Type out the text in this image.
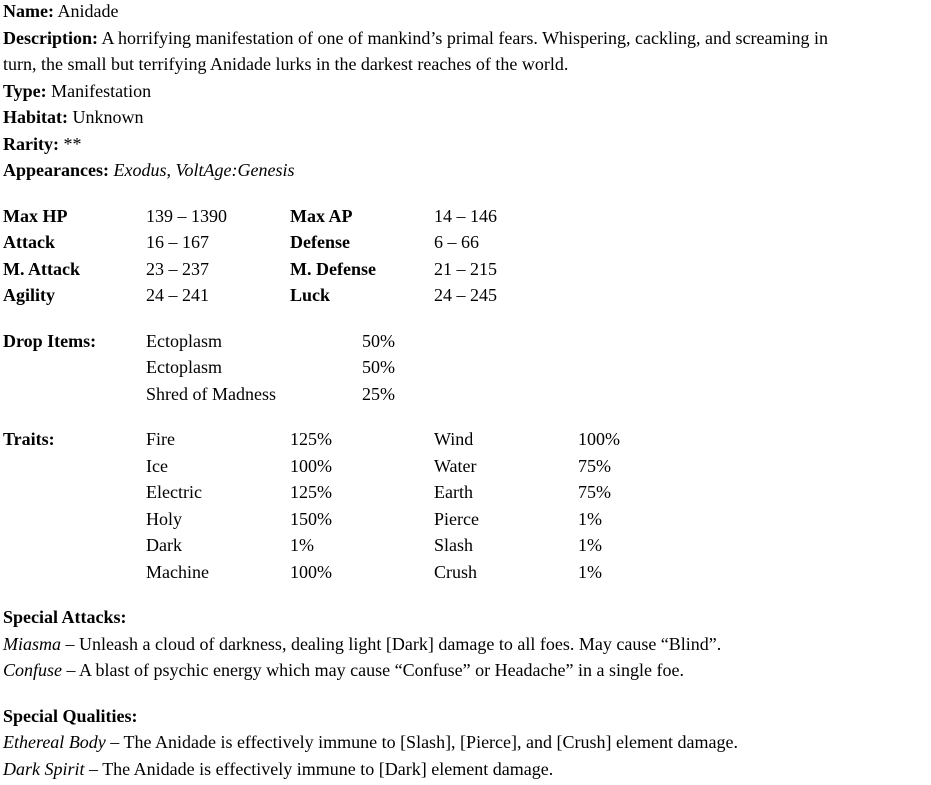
Name: Anidade
Description: A horrifying manifestation of one of mankind’s primal fears. Whispering, cackling, and screaming in
turn, the small but terrifying Anidade lurks in the darkest reaches of the world.
Type: Manifestation
Habitat: Unknown
Rarity: **
Appearances: Exodus, VoltAge:Genesis
Max HP	139 – 1390	Max AP	14 – 146
Attack	16 – 167	Defense	6 – 66
M. Attack	23 – 237	M. Defense	21 – 215
Agility	24 – 241	Luck	24 – 245
Drop Items:	Ectoplasm	50%
Ectoplasm	50%
Shred of Madness	25%
Traits:	Fire	125%	Wind	100%
Ice	100%	Water	75%
Electric	125%	Earth	75%
Holy	150%	Pierce	1%
Dark	1%	Slash	1%
Machine	100%	Crush	1%
Special Attacks:
Miasma – Unleash a cloud of darkness, dealing light [Dark] damage to all foes. May cause “Blind”.
Confuse – A blast of psychic energy which may cause “Confuse” or Headache” in a single foe.
Special Qualities:
Ethereal Body – The Anidade is effectively immune to [Slash], [Pierce], and [Crush] element damage.
Dark Spirit – The Anidade is effectively immune to [Dark] element damage.
